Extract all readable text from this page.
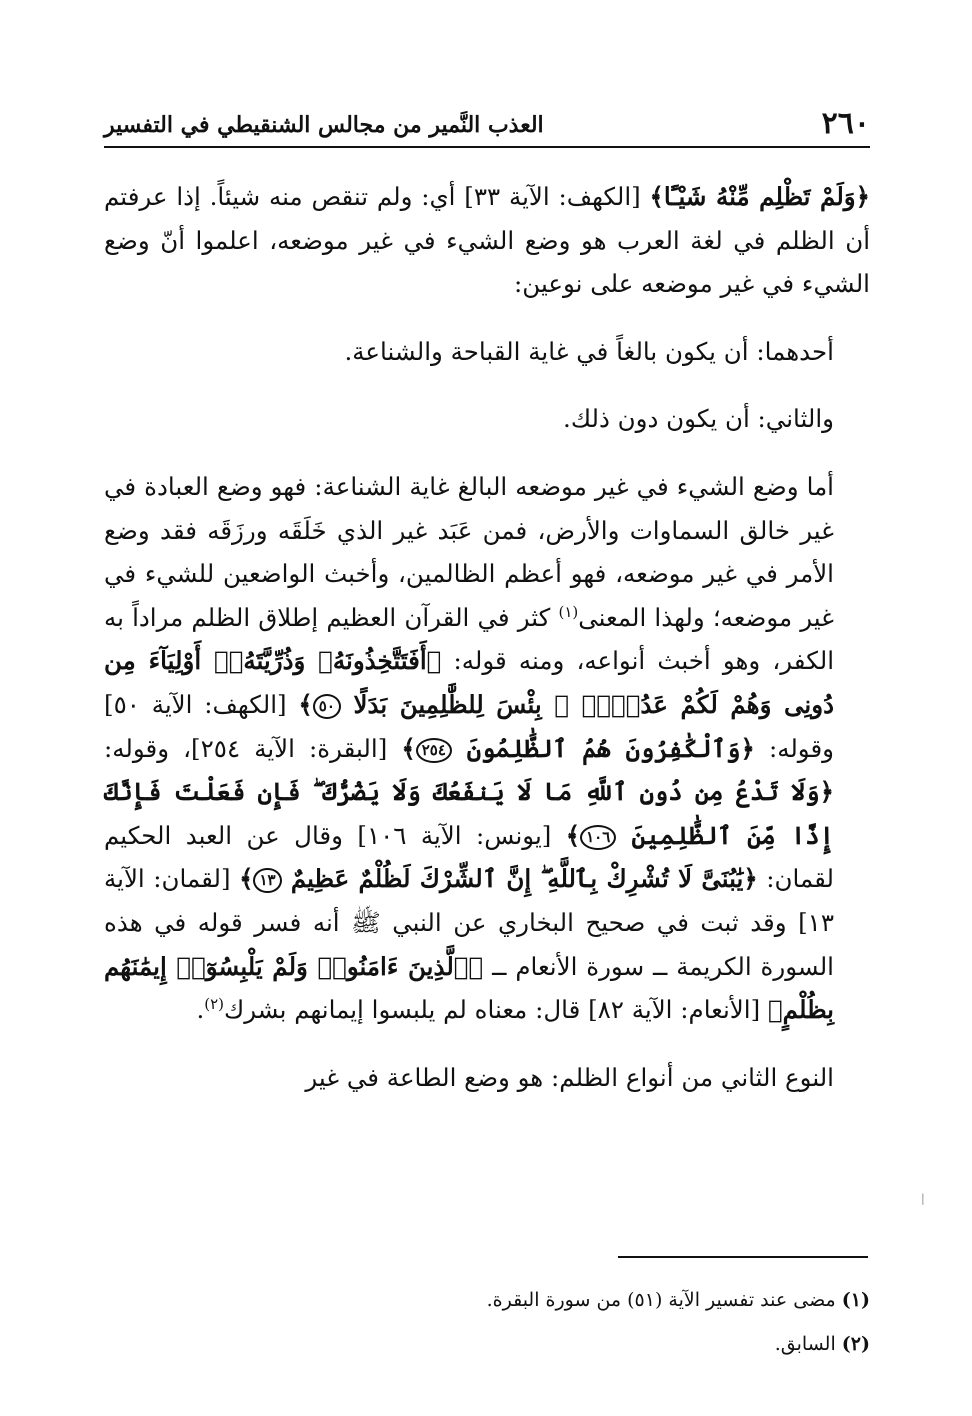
٢٦٠
العذب النَّمير من مجالس الشنقيطي في التفسير

﴿وَلَمْ تَظْلِم مِّنْهُ شَيْـًٔا﴾ [الكهف: الآية ٣٣] أي: ولم تنقص منه شيئاً. إذا عرفتم أن الظلم في لغة العرب هو وضع الشيء في غير موضعه، اعلموا أنّ وضع الشيء في غير موضعه على نوعين:

أحدهما: أن يكون بالغاً في غاية القباحة والشناعة.

والثاني: أن يكون دون ذلك.

أما وضع الشيء في غير موضعه البالغ غاية الشناعة: فهو وضع العبادة في غير خالق السماوات والأرض، فمن عَبَد غير الذي خَلَقَه ورزَقَه فقد وضع الأمر في غير موضعه، فهو أعظم الظالمين، وأخبث الواضعين للشيء في غير موضعه؛ ولهذا المعنى$^{(١)}$ كثر في القرآن العظيم إطلاق الظلم مراداً به الكفر، وهو أخبث أنواعه، ومنه قوله: ﴿أَفَتَتَّخِذُونَهُۥ وَذُرِّيَّتَهُۥٓ أَوْلِيَآءَ مِن دُونِى وَهُمْ لَكُمْ عَدُوٌّۢ ۚ بِئْسَ لِلظَّٰلِمِينَ بَدَلًا ٥٠﴾ [الكهف: الآية ٥٠] وقوله: ﴿وَٱلْكَٰفِرُونَ هُمُ ٱلظَّٰلِمُونَ ٢٥٤﴾ [البقرة: الآية ٢٥٤]، وقوله: ﴿وَلَا تَدْعُ مِن دُونِ ٱللَّهِ مَا لَا يَنفَعُكَ وَلَا يَضُرُّكَ ۖ فَإِن فَعَلْتَ فَإِنَّكَ إِذًا مِّنَ ٱلظَّٰلِمِينَ ١٠٦﴾ [يونس: الآية ١٠٦] وقال عن العبد الحكيم لقمان: ﴿يَٰبُنَىَّ لَا تُشْرِكْ بِٱللَّهِ ۖ إِنَّ ٱلشِّرْكَ لَظُلْمٌ عَظِيمٌ ١٣﴾ [لقمان: الآية ١٣] وقد ثبت في صحيح البخاري عن النبي ﷺ أنه فسر قوله في هذه السورة الكريمة ــ سورة الأنعام ــ ﴿ٱلَّذِينَ ءَامَنُوا۟ وَلَمْ يَلْبِسُوٓا۟ إِيمَٰنَهُم بِظُلْمٍ﴾ [الأنعام: الآية ٨٢] قال: معناه لم يلبسوا إيمانهم بشرك$^{(٢)}$.

النوع الثاني من أنواع الظلم: هو وضع الطاعة في غير

(١) مضى عند تفسير الآية (٥١) من سورة البقرة.

(٢) السابق.

|
